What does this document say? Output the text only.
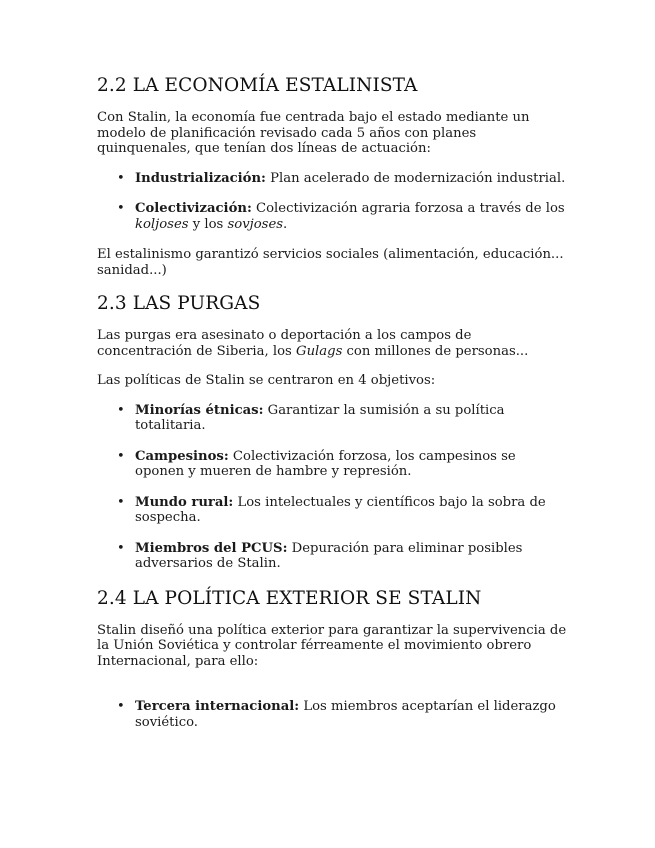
2.2 LA ECONOMÍA ESTALINISTA

Con Stalin, la economía fue centrada bajo el estado mediante un modelo de planificación revisado cada 5 años con planes quinquenales, que tenían dos líneas de actuación:

• Industrialización: Plan acelerado de modernización industrial.
• Colectivización: Colectivización agraria forzosa a través de los koljoses y los sovjoses.

El estalinismo garantizó servicios sociales (alimentación, educación... sanidad...)

2.3 LAS PURGAS

Las purgas era asesinato o deportación a los campos de concentración de Siberia, los Gulags con millones de personas...

Las políticas de Stalin se centraron en 4 objetivos:

• Minorías étnicas: Garantizar la sumisión a su política totalitaria.
• Campesinos: Colectivización forzosa, los campesinos se oponen y mueren de hambre y represión.
• Mundo rural: Los intelectuales y científicos bajo la sobra de sospecha.
• Miembros del PCUS: Depuración para eliminar posibles adversarios de Stalin.
2.4 LA POLÍTICA EXTERIOR SE STALIN

Stalin diseñó una política exterior para garantizar la supervivencia de la Unión Soviética y controlar férreamente el movimiento obrero Internacional, para ello:

• Tercera internacional: Los miembros aceptarían el liderazgo soviético.
